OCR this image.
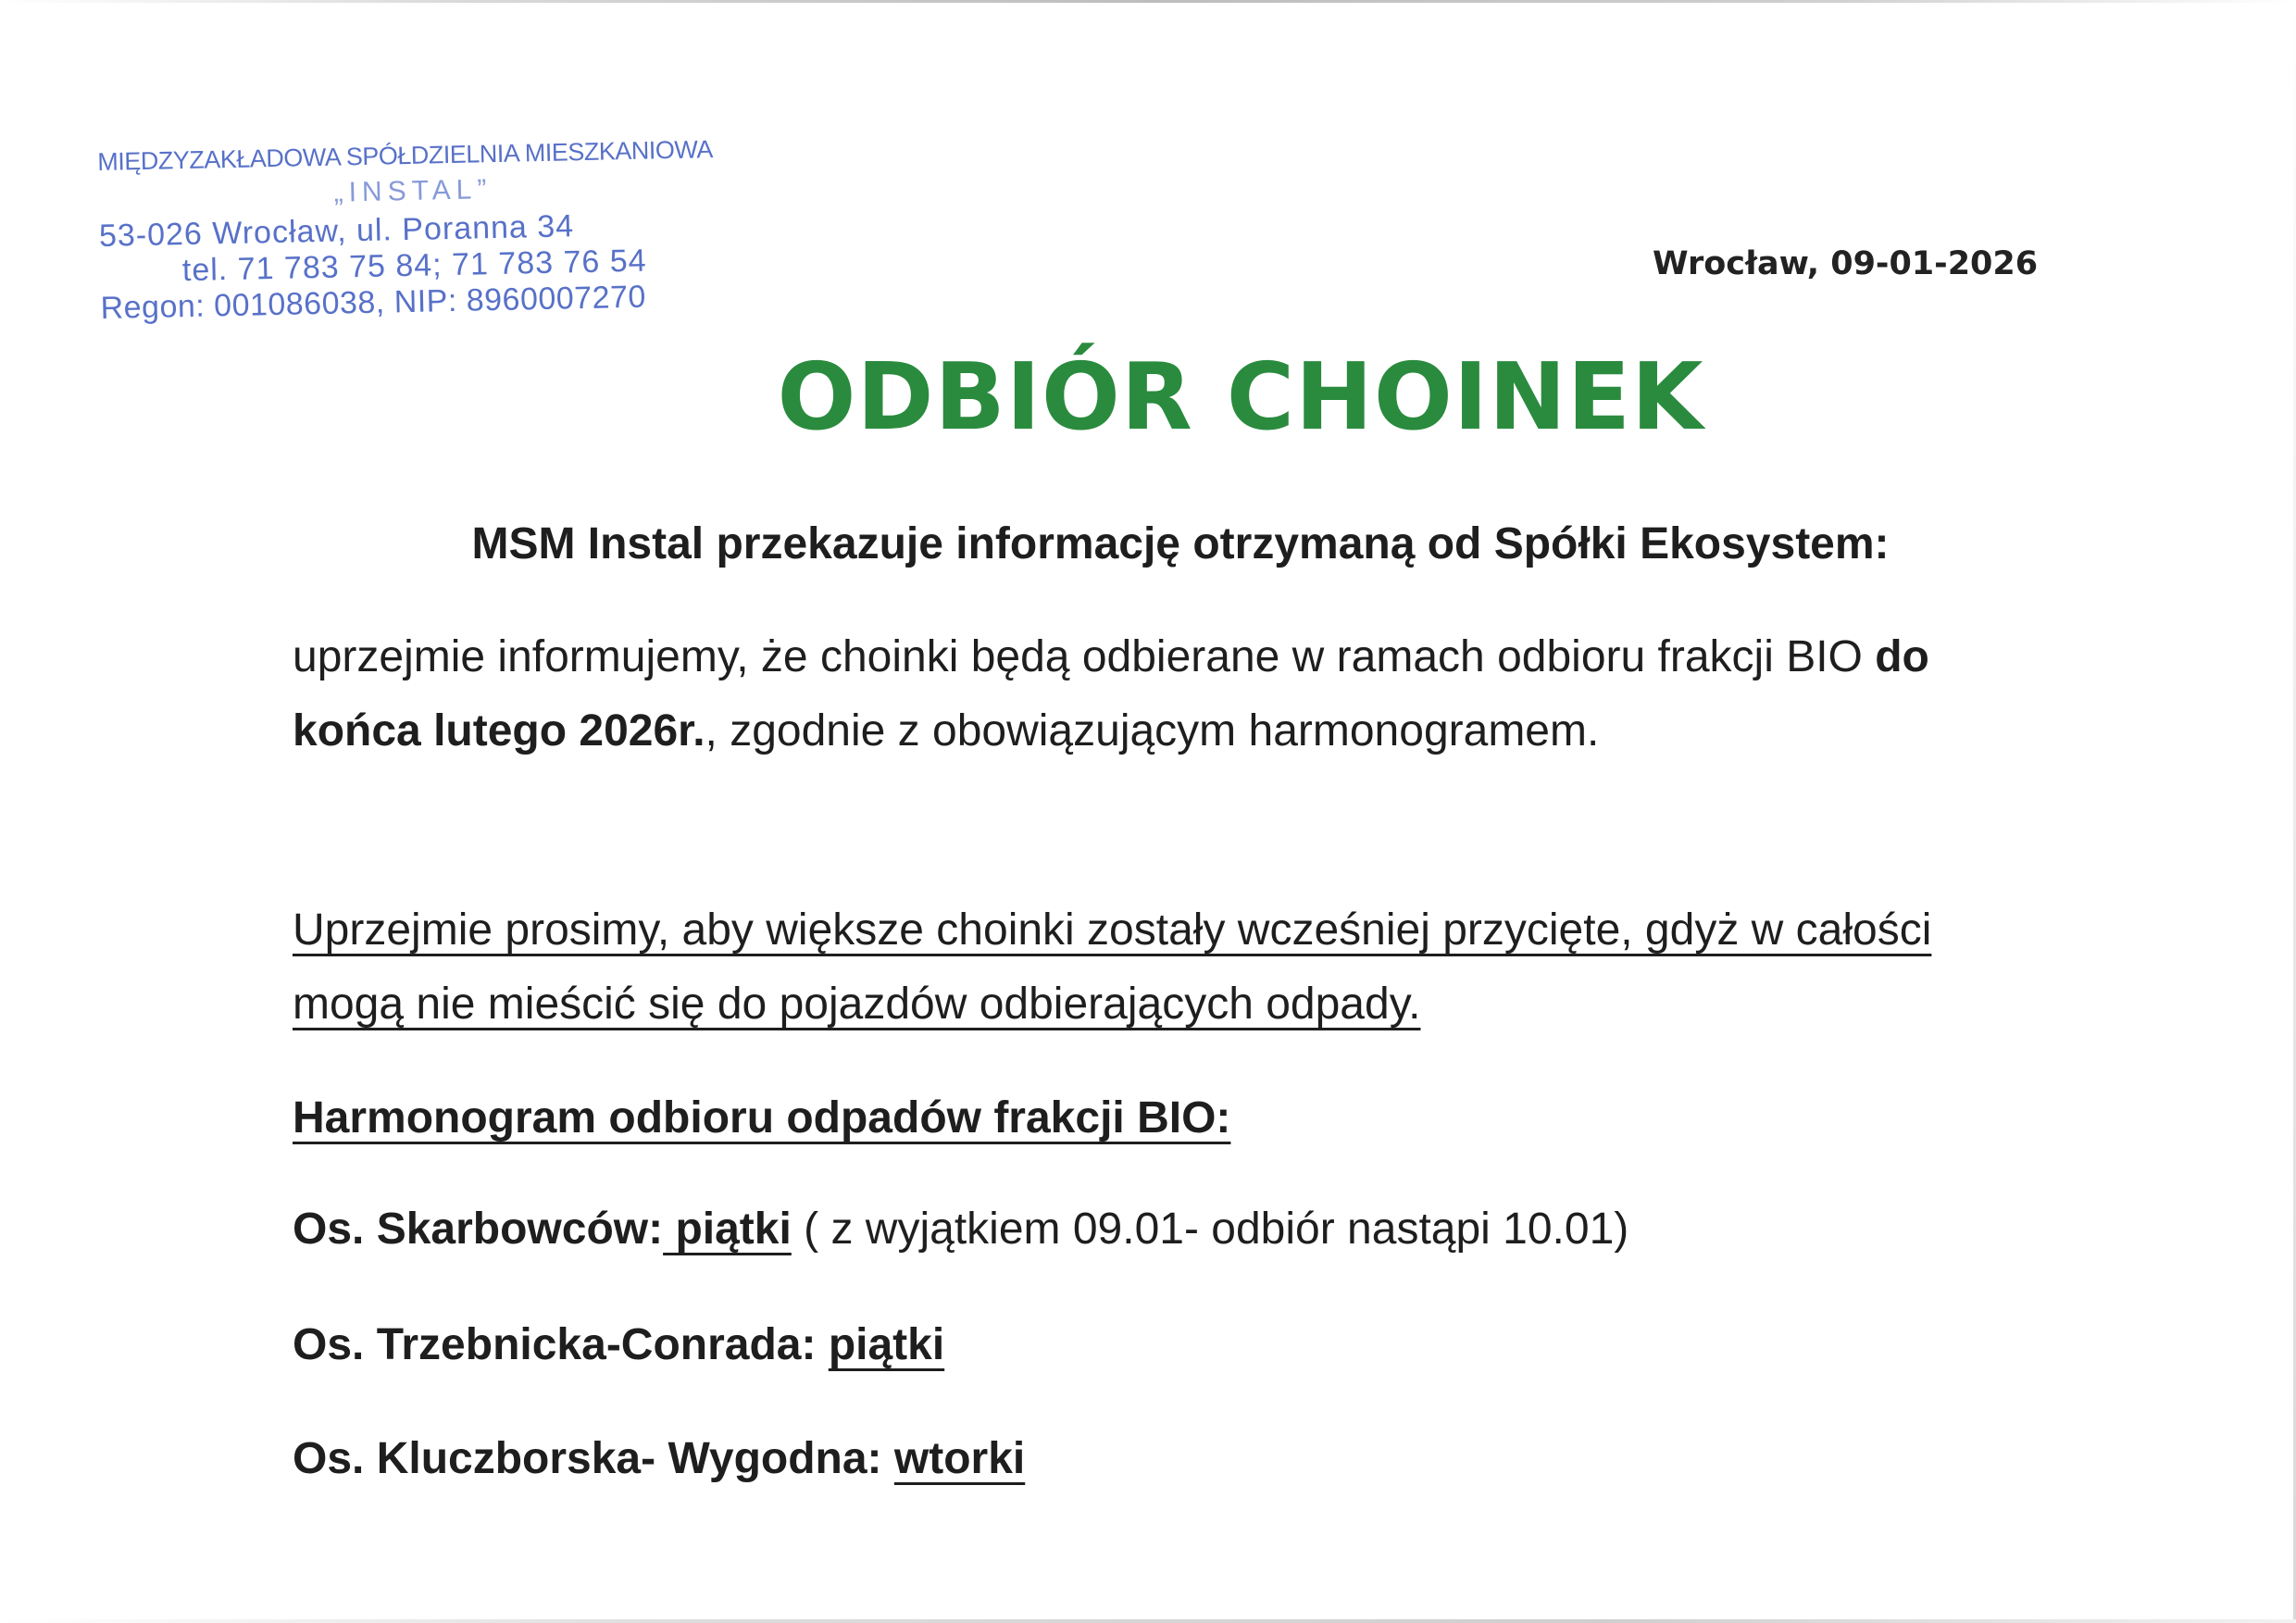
MIĘDZYZAKŁADOWA SPÓŁDZIELNIA MIESZKANIOWA
„INSTAL”
53-026 Wrocław, ul. Poranna 34
tel. 71 783 75 84; 71 783 76 54
Regon: 001086038, NIP: 8960007270
Wrocław, 09-01-2026
ODBIÓR CHOINEK
MSM Instal przekazuje informację otrzymaną od Spółki Ekosystem:
uprzejmie informujemy, że choinki będą odbierane w ramach odbioru frakcji BIO do końca lutego 2026r., zgodnie z obowiązującym harmonogramem.
Uprzejmie prosimy, aby większe choinki zostały wcześniej przycięte, gdyż w całości mogą nie mieścić się do pojazdów odbierających odpady.
Harmonogram odbioru odpadów frakcji BIO:
Os. Skarbowców: piątki ( z wyjątkiem 09.01- odbiór nastąpi 10.01)
Os. Trzebnicka-Conrada: piątki
Os. Kluczborska- Wygodna: wtorki
